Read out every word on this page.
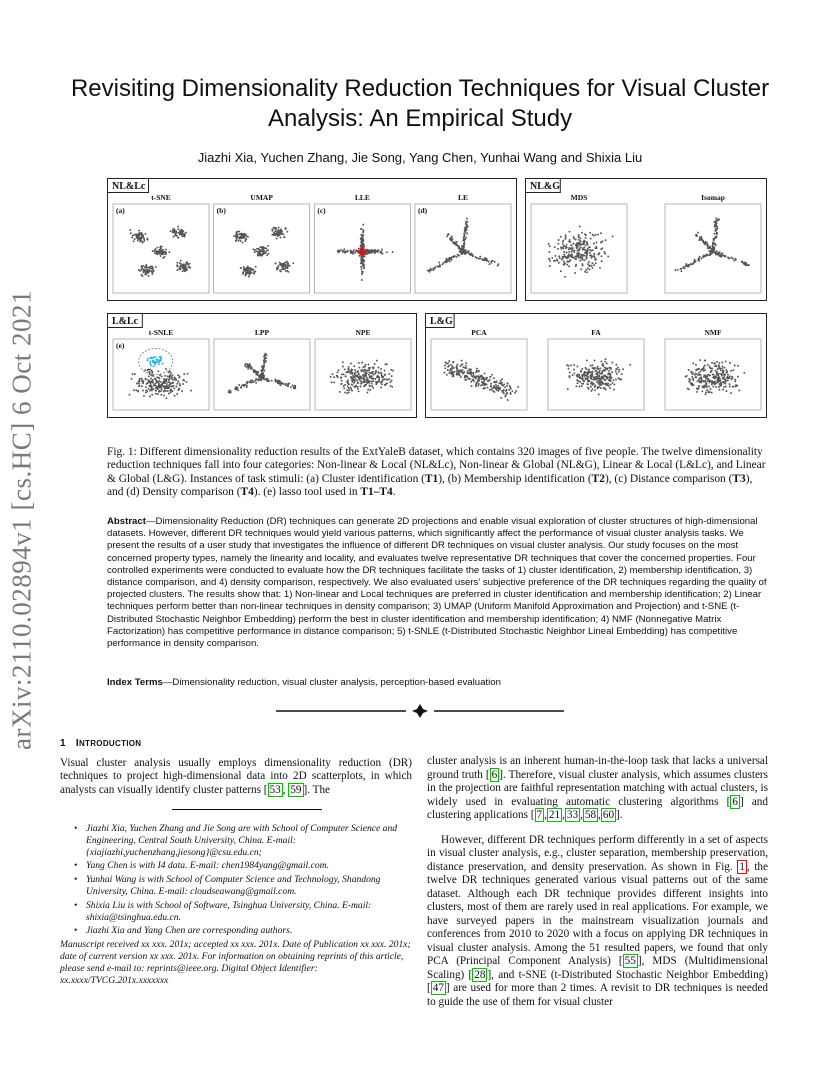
arXiv:2110.02894v1 [cs.HC] 6 Oct 2021
Revisiting Dimensionality Reduction Techniques for Visual Cluster Analysis: An Empirical Study
Jiazhi Xia, Yuchen Zhang, Jie Song, Yang Chen, Yunhai Wang and Shixia Liu
NL&Lc
t-SNE
(a)
UMAP
(b)
LLE
(c)
LE
(d)
NL&G
MDS	Isomap
L&Lc
t-SNLE
(e)
LPP	NPE
L&G
PCA	FA	NMF

Fig. 1: Different dimensionality reduction results of the ExtYaleB dataset, which contains 320 images of five people. The twelve dimensionality reduction techniques fall into four categories: Non-linear & Local (NL&Lc), Non-linear & Global (NL&G), Linear & Local (L&Lc), and Linear & Global (L&G). Instances of task stimuli: (a) Cluster identification (T1), (b) Membership identification (T2), (c) Distance comparison (T3), and (d) Density comparison (T4). (e) lasso tool used in T1–T4.

Abstract—Dimensionality Reduction (DR) techniques can generate 2D projections and enable visual exploration of cluster structures of high-dimensional datasets. However, different DR techniques would yield various patterns, which significantly affect the performance of visual cluster analysis tasks. We present the results of a user study that investigates the influence of different DR techniques on visual cluster analysis. Our study focuses on the most concerned property types, namely the linearity and locality, and evaluates twelve representative DR techniques that cover the concerned properties. Four controlled experiments were conducted to evaluate how the DR techniques facilitate the tasks of 1) cluster identification, 2) membership identification, 3) distance comparison, and 4) density comparison, respectively. We also evaluated users' subjective preference of the DR techniques regarding the quality of projected clusters. The results show that: 1) Non-linear and Local techniques are preferred in cluster identification and membership identification; 2) Linear techniques perform better than non-linear techniques in density comparison; 3) UMAP (Uniform Manifold Approximation and Projection) and t-SNE (t-Distributed Stochastic Neighbor Embedding) perform the best in cluster identification and membership identification; 4) NMF (Nonnegative Matrix Factorization) has competitive performance in distance comparison; 5) t-SNLE (t-Distributed Stochastic Neighbor Lineal Embedding) has competitive performance in density comparison.

Index Terms—Dimensionality reduction, visual cluster analysis, perception-based evaluation

1 INTRODUCTION

Visual cluster analysis usually employs dimensionality reduction (DR) techniques to project high-dimensional data into 2D scatterplots, in which analysts can visually identify cluster patterns [ 53 , 59 ]. The

• Jiazhi Xia, Yuchen Zhang and Jie Song are with School of Computer Science and Engineering, Central South University, China. E-mail: {xiajiazhi,yuchenzhang,jiesong}@csu.edu.cn;
• Yang Chen is with I4 data. E-mail: chen1984yang@gmail.com.
• Yunhai Wang is with School of Computer Science and Technology, Shandong University, China. E-mail: cloudseawang@gmail.com.
• Shixia Liu is with School of Software, Tsinghua University, China. E-mail: shixia@tsinghua.edu.cn.
• Jiazhi Xia and Yang Chen are corresponding authors.

Manuscript received xx xxx. 201x; accepted xx xxx. 201x. Date of Publication xx xxx. 201x; date of current version xx xxx. 201x. For information on obtaining reprints of this article, please send e-mail to: reprints@ieee.org. Digital Object Identifier: xx.xxxx/TVCG.201x.xxxxxxx

cluster analysis is an inherent human-in-the-loop task that lacks a universal ground truth [ 6 ]. Therefore, visual cluster analysis, which assumes clusters in the projection are faithful representation matching with actual clusters, is widely used in evaluating automatic clustering algorithms [ 6 ] and clustering applications [ 7 , 21 , 33 , 58 , 60 ].

However, different DR techniques perform differently in a set of aspects in visual cluster analysis, e.g., cluster separation, membership preservation, distance preservation, and density preservation. As shown in Fig. 1 , the twelve DR techniques generated various visual patterns out of the same dataset. Although each DR technique provides different insights into clusters, most of them are rarely used in real applications. For example, we have surveyed papers in the mainstream visualization journals and conferences from 2010 to 2020 with a focus on applying DR techniques in visual cluster analysis. Among the 51 resulted papers, we found that only PCA (Principal Component Analysis) [ 55 ], MDS (Multidimensional Scaling) [ 28 ], and t-SNE (t-Distributed Stochastic Neighbor Embedding) [ 47 ] are used for more than 2 times. A revisit to DR techniques is needed to guide the use of them for visual cluster
